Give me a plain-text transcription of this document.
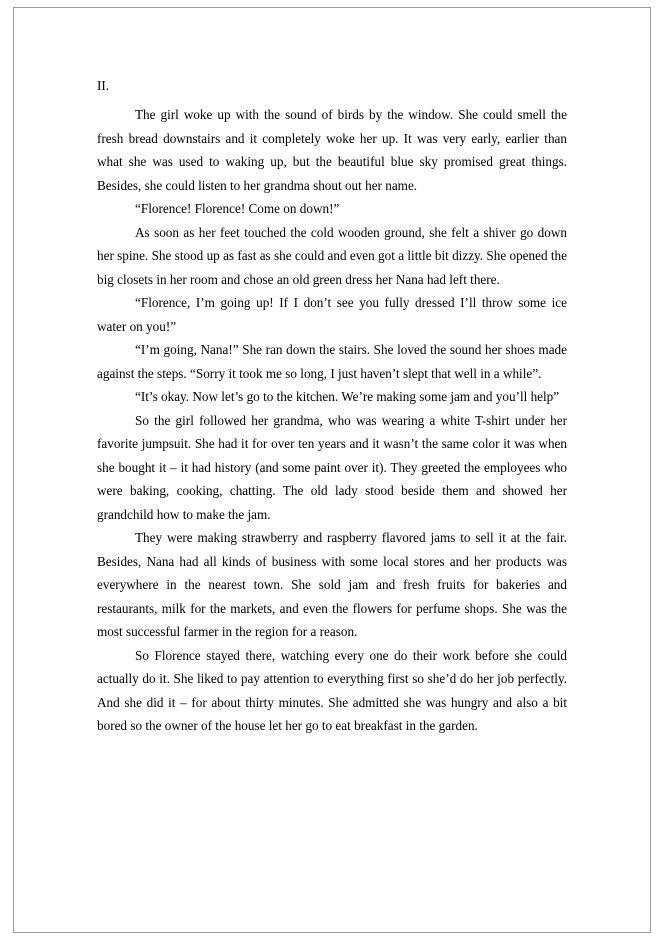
II.

The girl woke up with the sound of birds by the window. She could smell the fresh bread downstairs and it completely woke her up. It was very early, earlier than what she was used to waking up, but the beautiful blue sky promised great things. Besides, she could listen to her grandma shout out her name.

“Florence! Florence! Come on down!”

As soon as her feet touched the cold wooden ground, she felt a shiver go down her spine. She stood up as fast as she could and even got a little bit dizzy. She opened the big closets in her room and chose an old green dress her Nana had left there.

“Florence, I’m going up! If I don’t see you fully dressed I’ll throw some ice water on you!”

“I’m going, Nana!” She ran down the stairs. She loved the sound her shoes made against the steps. “Sorry it took me so long, I just haven’t slept that well in a while”.

“It’s okay. Now let’s go to the kitchen. We’re making some jam and you’ll help”

So the girl followed her grandma, who was wearing a white T-shirt under her favorite jumpsuit. She had it for over ten years and it wasn’t the same color it was when she bought it – it had history (and some paint over it). They greeted the employees who were baking, cooking, chatting. The old lady stood beside them and showed her grandchild how to make the jam.

They were making strawberry and raspberry flavored jams to sell it at the fair. Besides, Nana had all kinds of business with some local stores and her products was everywhere in the nearest town. She sold jam and fresh fruits for bakeries and restaurants, milk for the markets, and even the flowers for perfume shops. She was the most successful farmer in the region for a reason.

So Florence stayed there, watching every one do their work before she could actually do it. She liked to pay attention to everything first so she’d do her job perfectly. And she did it – for about thirty minutes. She admitted she was hungry and also a bit bored so the owner of the house let her go to eat breakfast in the garden.
